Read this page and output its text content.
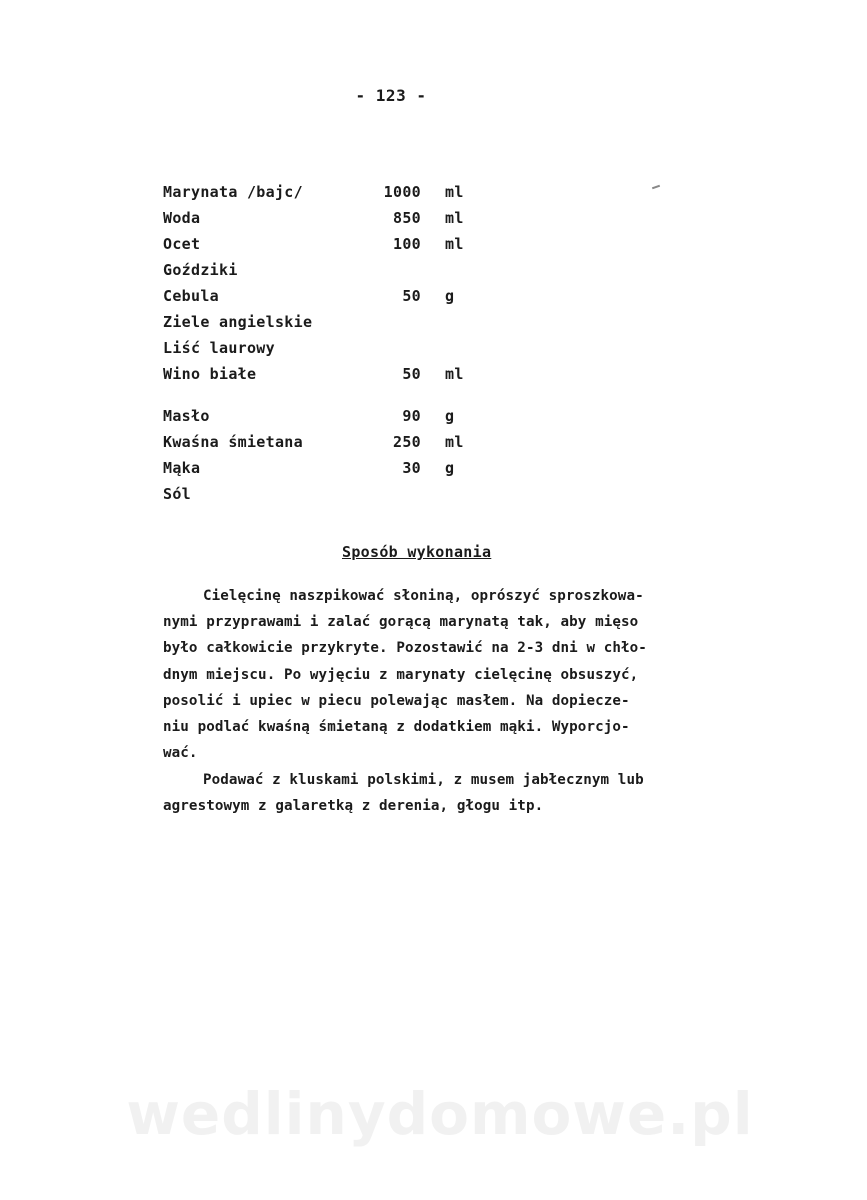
- 123 -
Marynata /bajc/	1000 ml
Woda	850 ml
Ocet	100 ml
Goździki
Cebula	50 g
Ziele angielskie
Liść laurowy
Wino białe	50 ml
Masło	90 g
Kwaśna śmietana	250 ml
Mąka	30 g
Sól
Sposób wykonania
Cielęcinę naszpikować słoniną, oprószyć sproszkowa-
nymi przyprawami i zalać gorącą marynatą tak, aby mięso
było całkowicie przykryte. Pozostawić na 2-3 dni w chło-
dnym miejscu. Po wyjęciu z marynaty cielęcinę obsuszyć,
posolić i upiec w piecu polewając masłem. Na dopiecze-
niu podlać kwaśną śmietaną z dodatkiem mąki. Wyporcjo-
wać.
Podawać z kluskami polskimi, z musem jabłecznym lub
agrestowym z galaretką z derenia, głogu itp.
wedlinydomowe.pl
